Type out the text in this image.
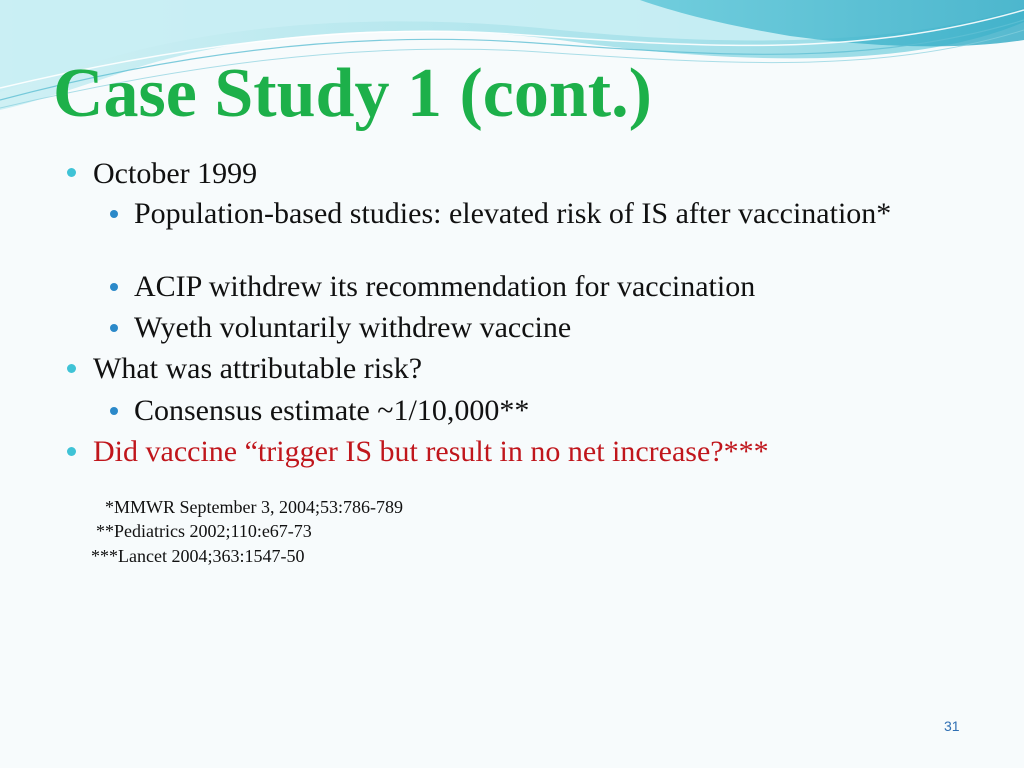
Case Study 1 (cont.)
October 1999
Population-based studies: elevated risk of IS after vaccination*
ACIP withdrew its recommendation for vaccination
Wyeth voluntarily withdrew vaccine
What was attributable risk?
Consensus estimate ~1/10,000**
Did vaccine “trigger IS but result in no net increase?***
*MMWR September 3, 2004;53:786-789
**Pediatrics 2002;110:e67-73
***Lancet 2004;363:1547-50
31
